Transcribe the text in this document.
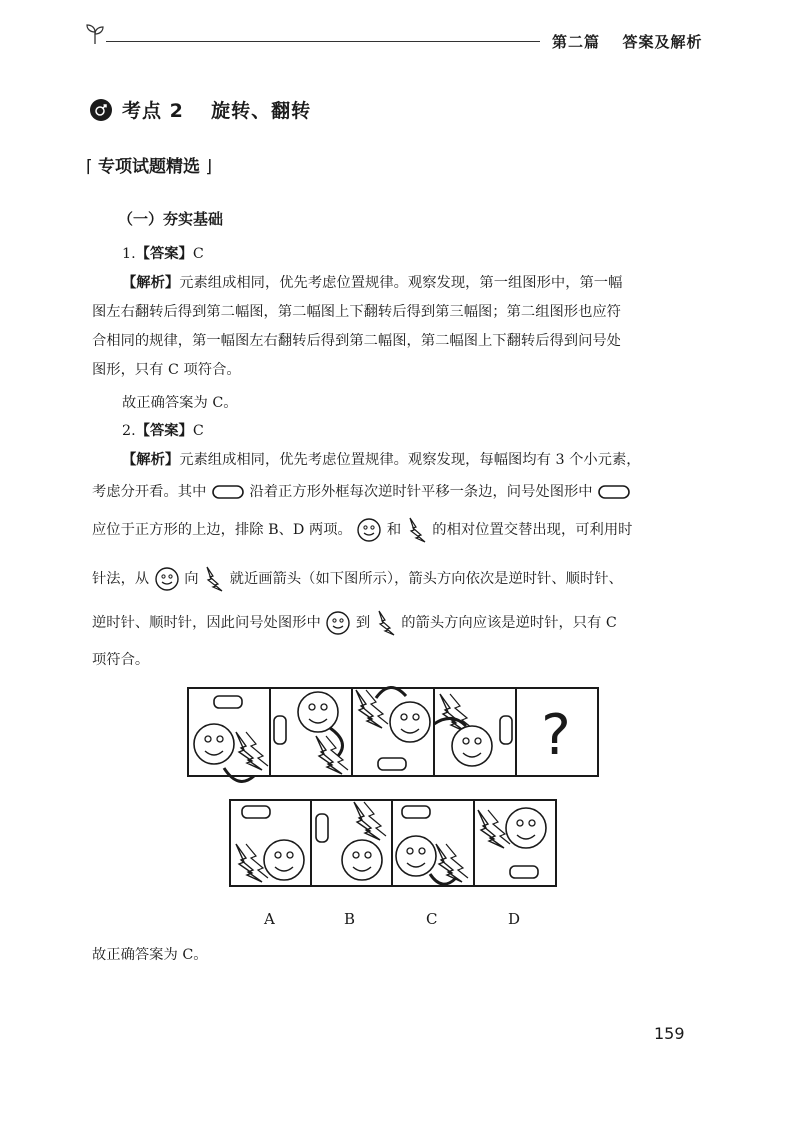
第二篇 答案及解析
考点 2 旋转、翻转
⌈ 专项试题精选 ⌋
（一）夯实基础
1.【答案】C
【解析】元素组成相同，优先考虑位置规律。观察发现，第一组图形中，第一幅
图左右翻转后得到第二幅图，第二幅图上下翻转后得到第三幅图；第二组图形也应符
合相同的规律，第一幅图左右翻转后得到第二幅图，第二幅图上下翻转后得到问号处
图形，只有 C 项符合。
故正确答案为 C。
2.【答案】C
【解析】元素组成相同，优先考虑位置规律。观察发现，每幅图均有 3 个小元素，
考虑分开看。其中	沿着正方形外框每次逆时针平移一条边，问号处图形中
应位于正方形的上边，排除 B、D 两项。 和 的相对位置交替出现，可利用时
针法，从 向 就近画箭头（如下图所示），箭头方向依次是逆时针、顺时针、
逆时针、顺时针，因此问号处图形中 到 的箭头方向应该是逆时针，只有 C
项符合。
?
A	B	C	D
故正确答案为 C。
159
